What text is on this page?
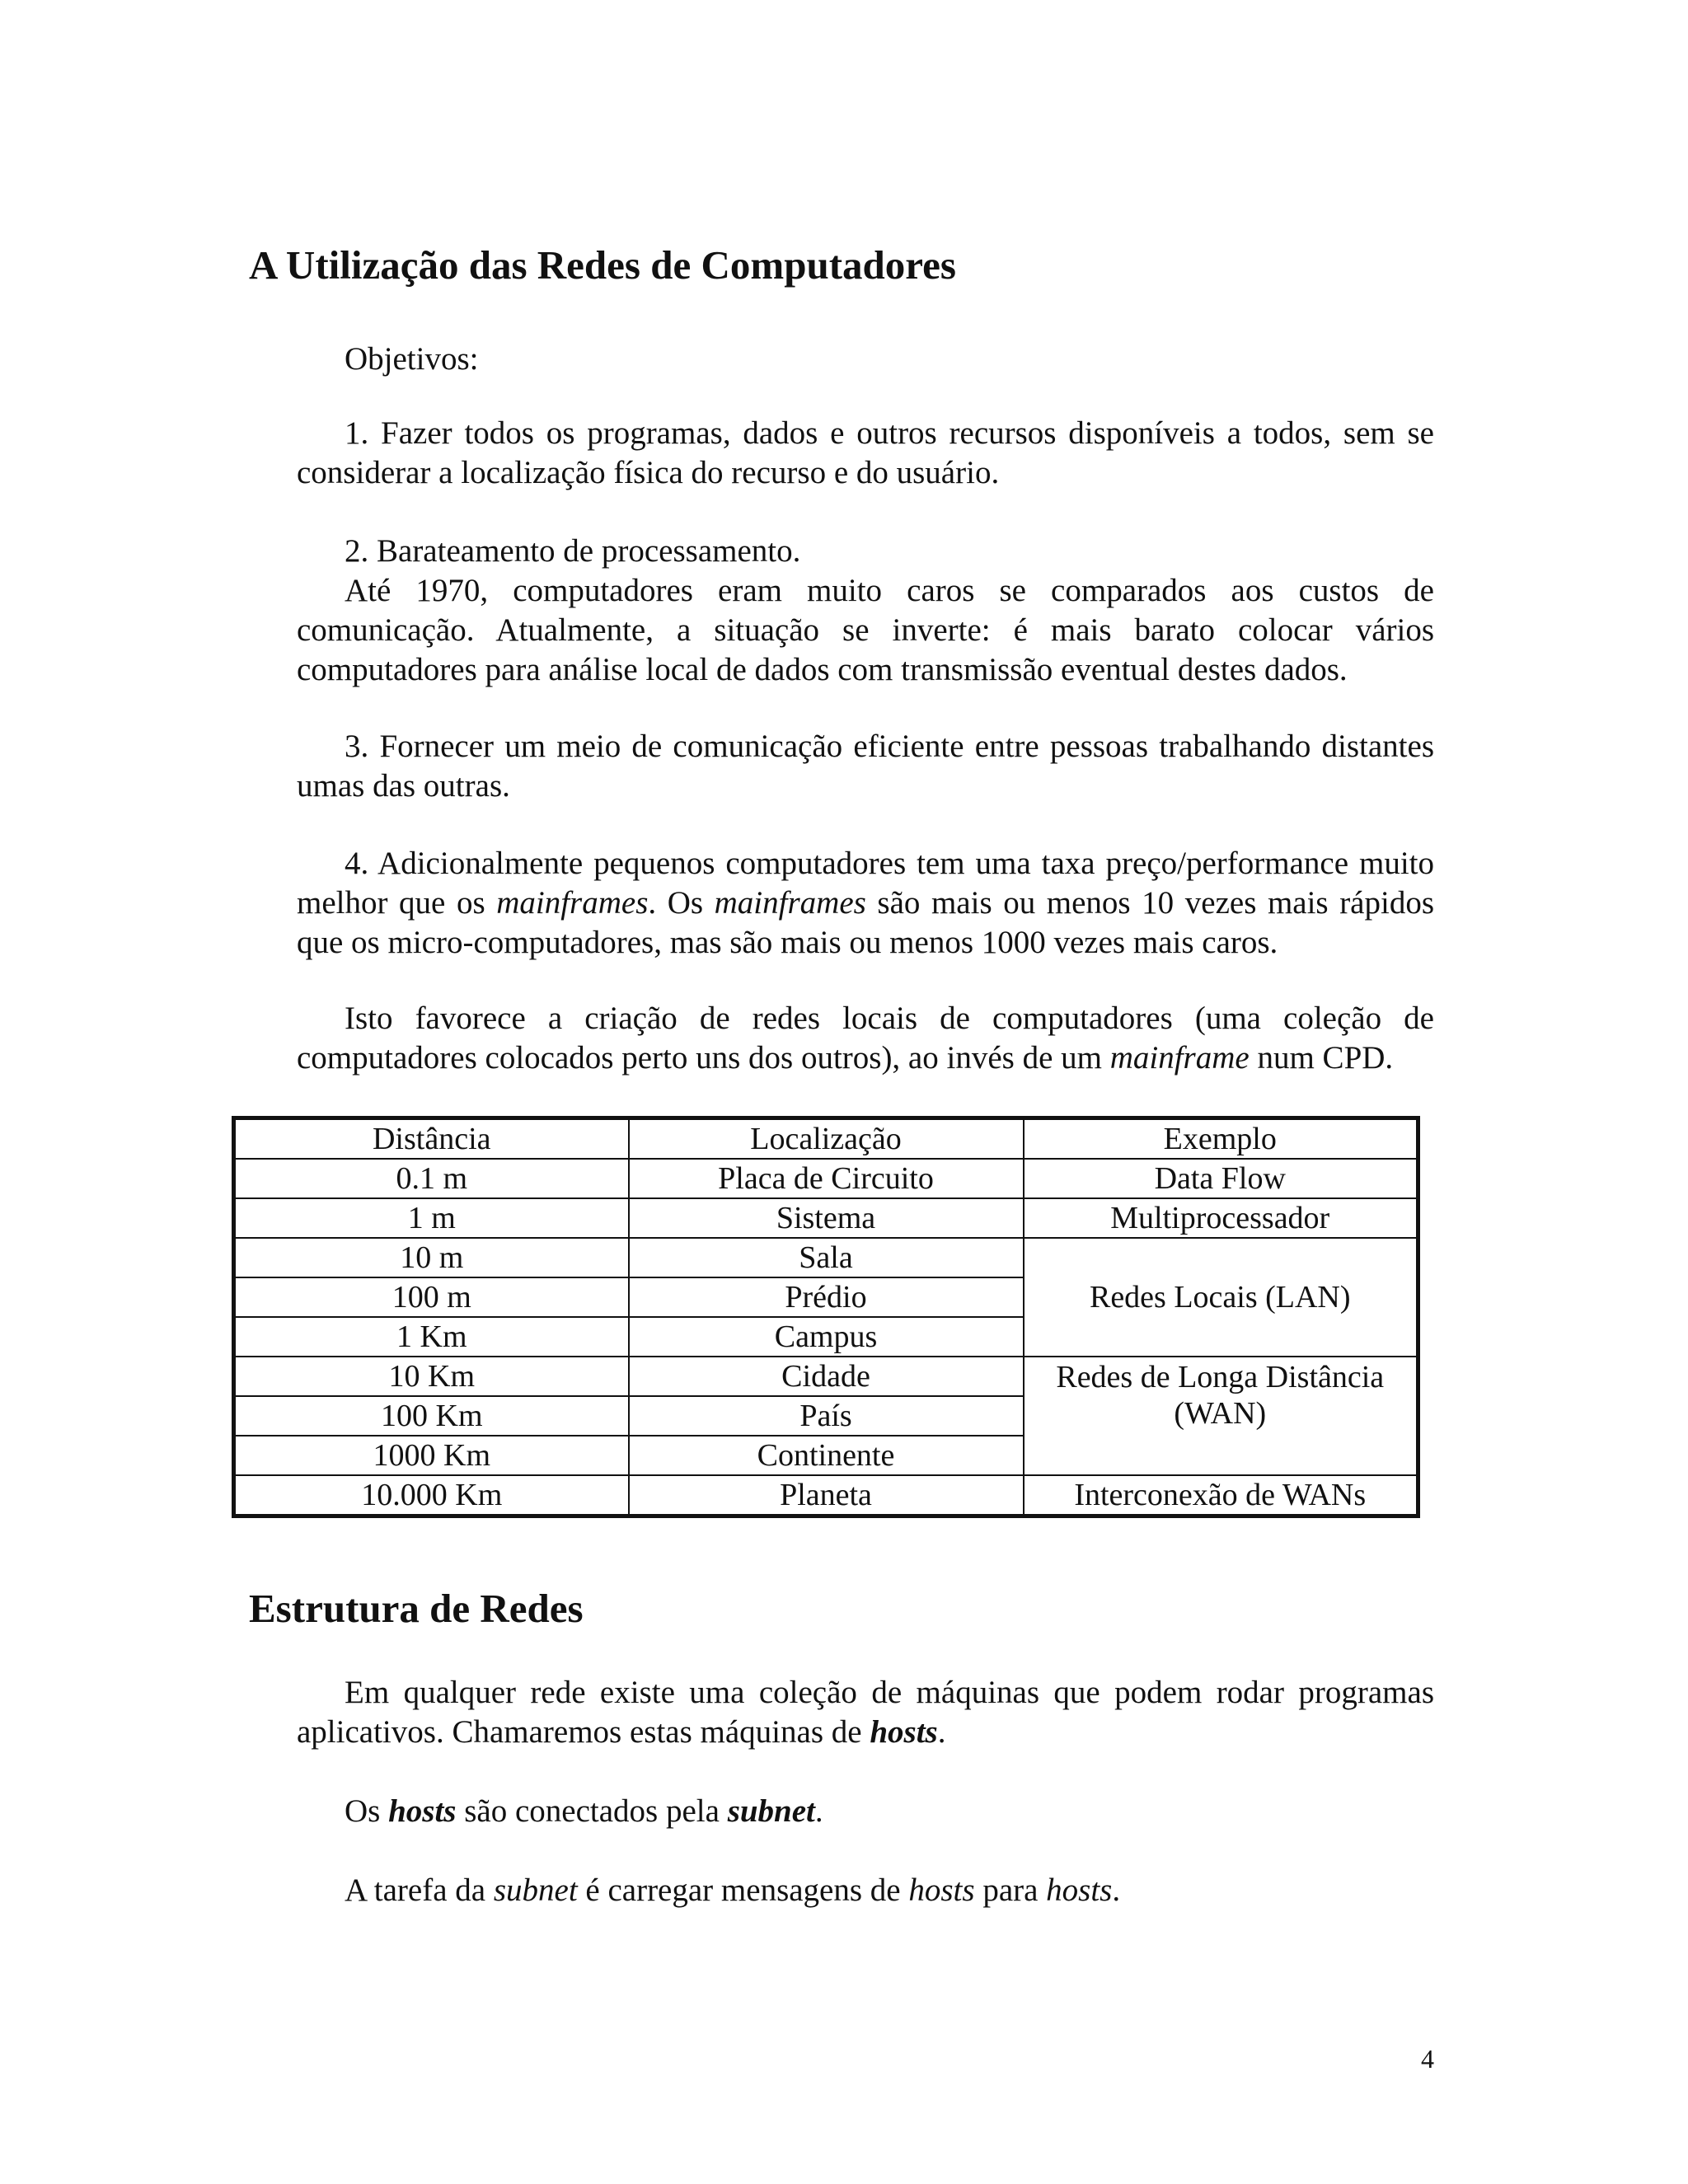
A Utilização das Redes de Computadores

Objetivos:

1. Fazer todos os programas, dados e outros recursos disponíveis a todos, sem se considerar a localização física do recurso e do usuário.

2. Barateamento de processamento.
Até 1970, computadores eram muito caros se comparados aos custos de comunicação. Atualmente, a situação se inverte: é mais barato colocar vários computadores para análise local de dados com transmissão eventual destes dados.

3. Fornecer um meio de comunicação eficiente entre pessoas trabalhando distantes umas das outras.

4. Adicionalmente pequenos computadores tem uma taxa preço/performance muito melhor que os mainframes. Os mainframes são mais ou menos 10 vezes mais rápidos que os micro-computadores, mas são mais ou menos 1000 vezes mais caros.

Isto favorece a criação de redes locais de computadores (uma coleção de computadores colocados perto uns dos outros), ao invés de um mainframe num CPD.

Distância	Localização	Exemplo
0.1 m	Placa de Circuito	Data Flow
1 m	Sistema	Multiprocessador
10 m	Sala	Redes Locais (LAN)
100 m	Prédio	
1 Km	Campus	
10 Km	Cidade	Redes de Longa Distância (WAN)
100 Km	País	
1000 Km	Continente	
10.000 Km	Planeta	Interconexão de WANs
Estrutura de Redes

Em qualquer rede existe uma coleção de máquinas que podem rodar programas aplicativos. Chamaremos estas máquinas de hosts.

Os hosts são conectados pela subnet.

A tarefa da subnet é carregar mensagens de hosts para hosts.

4
